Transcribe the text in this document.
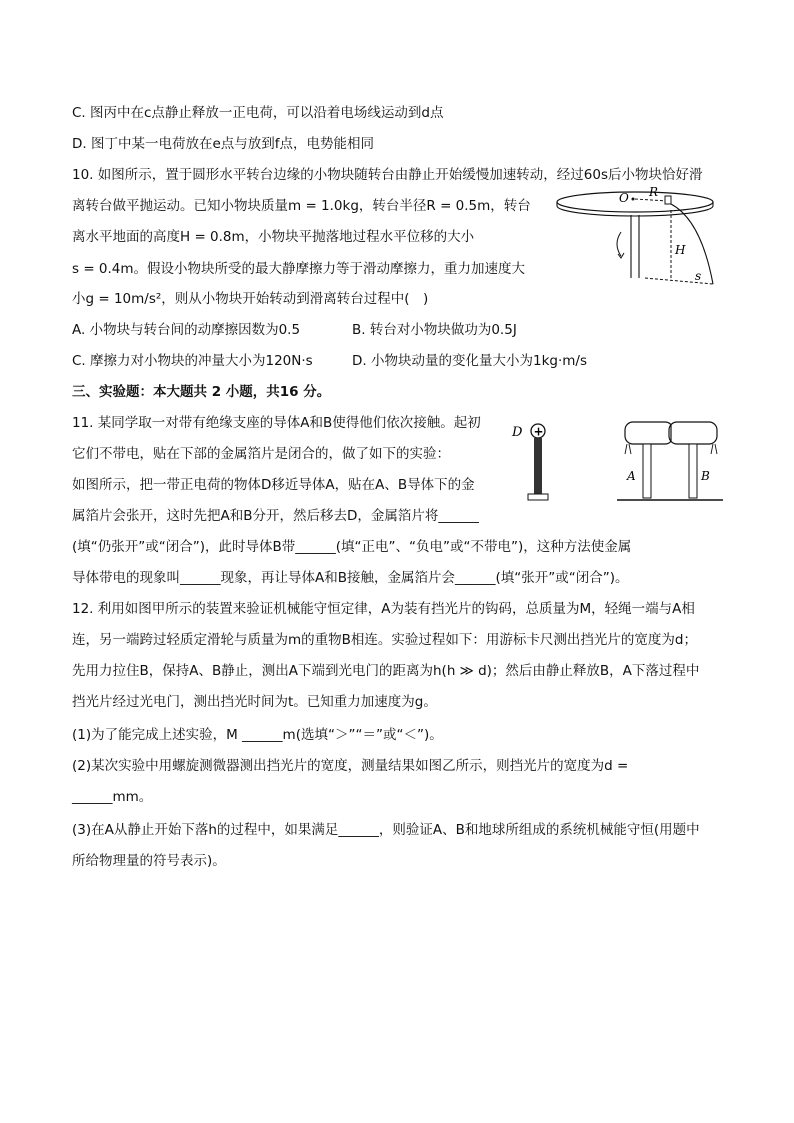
C. 图丙中在c点静止释放一正电荷，可以沿着电场线运动到d点
D. 图丁中某一电荷放在e点与放到f点，电势能相同
10. 如图所示，置于圆形水平转台边缘的小物块随转台由静止开始缓慢加速转动，经过60s后小物块恰好滑
离转台做平抛运动。已知小物块质量m = 1.0kg，转台半径R = 0.5m，转台
离水平地面的高度H = 0.8m，小物块平抛落地过程水平位移的大小
s = 0.4m。假设小物块所受的最大静摩擦力等于滑动摩擦力，重力加速度大
小g = 10m/s²，则从小物块开始转动到滑离转台过程中(　)
A. 小物块与转台间的动摩擦因数为0.5	B. 转台对小物块做功为0.5J
C. 摩擦力对小物块的冲量大小为120N·s	D. 小物块动量的变化量大小为1kg·m/s
三、实验题：本大题共 2 小题，共16 分。
11. 某同学取一对带有绝缘支座的导体A和B使得他们依次接触。起初
它们不带电，贴在下部的金属箔片是闭合的，做了如下的实验：
如图所示，把一带正电荷的物体D移近导体A，贴在A、B导体下的金
属箔片会张开，这时先把A和B分开，然后移去D，金属箔片将______
(填“仍张开”或“闭合”)，此时导体B带______(填“正电”、“负电”或“不带电”)，这种方法使金属
导体带电的现象叫______现象，再让导体A和B接触，金属箔片会______(填“张开”或“闭合”)。
12. 利用如图甲所示的装置来验证机械能守恒定律，A为装有挡光片的钩码，总质量为M，轻绳一端与A相
连，另一端跨过轻质定滑轮与质量为m的重物B相连。实验过程如下：用游标卡尺测出挡光片的宽度为d；
先用力拉住B，保持A、B静止，测出A下端到光电门的距离为h(h ≫ d)；然后由静止释放B，A下落过程中
挡光片经过光电门，测出挡光时间为t。已知重力加速度为g。
(1)为了能完成上述实验，M ______m(选填“＞”“＝”或“＜”)。
(2)某次实验中用螺旋测微器测出挡光片的宽度，测量结果如图乙所示，则挡光片的宽度为d =
______mm。
(3)在A从静止开始下落h的过程中，如果满足______，则验证A、B和地球所组成的系统机械能守恒(用题中
所给物理量的符号表示)。
O R
H
s
D +
A	B
